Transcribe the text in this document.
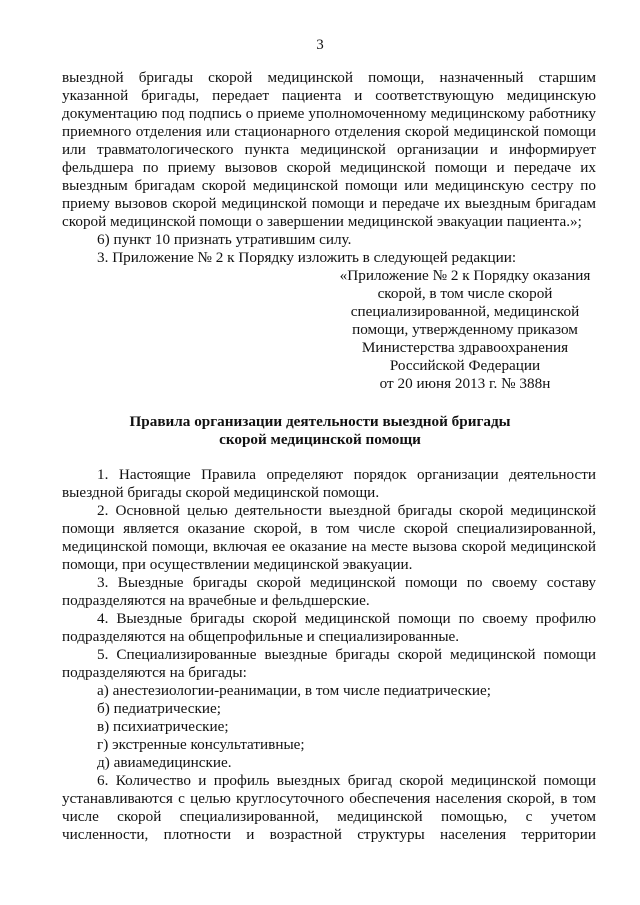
3
выездной бригады скорой медицинской помощи, назначенный старшим
указанной бригады, передает пациента и соответствующую медицинскую
документацию под подпись о приеме уполномоченному медицинскому работнику
приемного отделения или стационарного отделения скорой медицинской помощи
или травматологического пункта медицинской организации и информирует
фельдшера по приему вызовов скорой медицинской помощи и передаче их
выездным бригадам скорой медицинской помощи или медицинскую сестру по
приему вызовов скорой медицинской помощи и передаче их выездным бригадам
скорой медицинской помощи о завершении медицинской эвакуации пациента.»;
6) пункт 10 признать утратившим силу.
3. Приложение № 2 к Порядку изложить в следующей редакции:
«Приложение № 2 к Порядку оказания
скорой, в том числе скорой
специализированной, медицинской
помощи, утвержденному приказом
Министерства здравоохранения
Российской Федерации
от 20 июня 2013 г. № 388н
Правила организации деятельности выездной бригады
скорой медицинской помощи
1. Настоящие Правила определяют порядок организации деятельности
выездной бригады скорой медицинской помощи.
2. Основной целью деятельности выездной бригады скорой медицинской
помощи является оказание скорой, в том числе скорой специализированной,
медицинской помощи, включая ее оказание на месте вызова скорой медицинской
помощи, при осуществлении медицинской эвакуации.
3. Выездные бригады скорой медицинской помощи по своему составу
подразделяются на врачебные и фельдшерские.
4. Выездные бригады скорой медицинской помощи по своему профилю
подразделяются на общепрофильные и специализированные.
5. Специализированные выездные бригады скорой медицинской помощи
подразделяются на бригады:
а) анестезиологии-реанимации, в том числе педиатрические;
б) педиатрические;
в) психиатрические;
г) экстренные консультативные;
д) авиамедицинские.
6. Количество и профиль выездных бригад скорой медицинской помощи
устанавливаются с целью круглосуточного обеспечения населения скорой, в том
числе скорой специализированной, медицинской помощью, с учетом
численности, плотности и возрастной структуры населения территории
